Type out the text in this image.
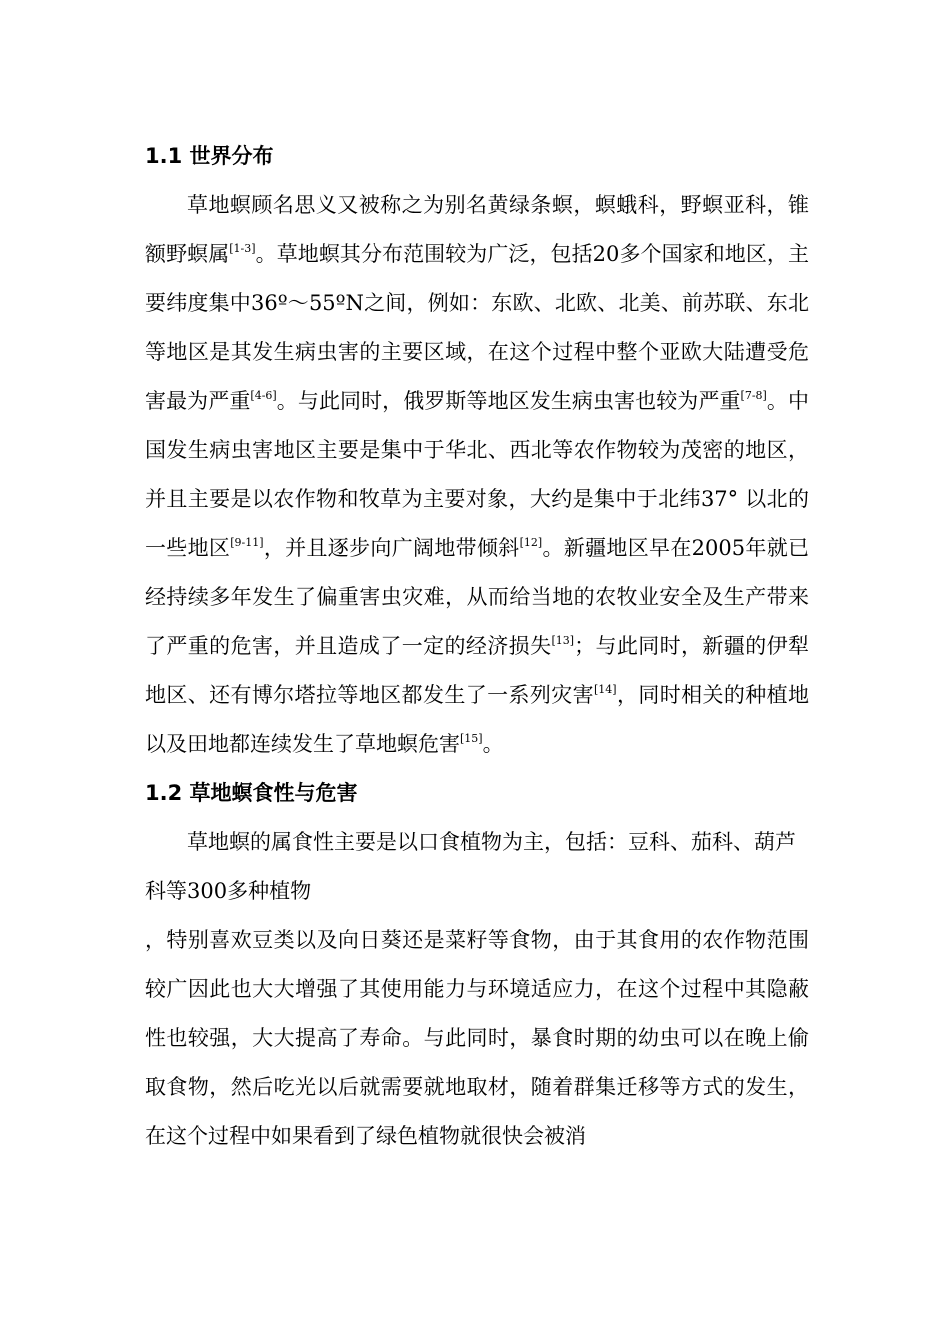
1.1 世界分布

草地螟顾名思义又被称之为别名黄绿条螟，螟蛾科，野螟亚科，锥额野螟属[1-3]。草地螟其分布范围较为广泛，包括20多个国家和地区，主要纬度集中36º～55ºN之间，例如：东欧、北欧、北美、前苏联、东北等地区是其发生病虫害的主要区域，在这个过程中整个亚欧大陆遭受危害最为严重[4-6]。与此同时，俄罗斯等地区发生病虫害也较为严重[7-8]。中国发生病虫害地区主要是集中于华北、西北等农作物较为茂密的地区，并且主要是以农作物和牧草为主要对象，大约是集中于北纬37° 以北的一些地区[9-11]，并且逐步向广阔地带倾斜[12]。新疆地区早在2005年就已经持续多年发生了偏重害虫灾难，从而给当地的农牧业安全及生产带来了严重的危害，并且造成了一定的经济损失[13]；与此同时，新疆的伊犁地区、还有博尔塔拉等地区都发生了一系列灾害[14]，同时相关的种植地以及田地都连续发生了草地螟危害[15]。

1.2 草地螟食性与危害

草地螟的属食性主要是以口食植物为主，包括：豆科、茄科、葫芦科等300多种植物

，特别喜欢豆类以及向日葵还是菜籽等食物，由于其食用的农作物范围较广因此也大大增强了其使用能力与环境适应力，在这个过程中其隐蔽性也较强，大大提高了寿命。与此同时，暴食时期的幼虫可以在晚上偷取食物，然后吃光以后就需要就地取材，随着群集迁移等方式的发生，在这个过程中如果看到了绿色植物就很快会被消
